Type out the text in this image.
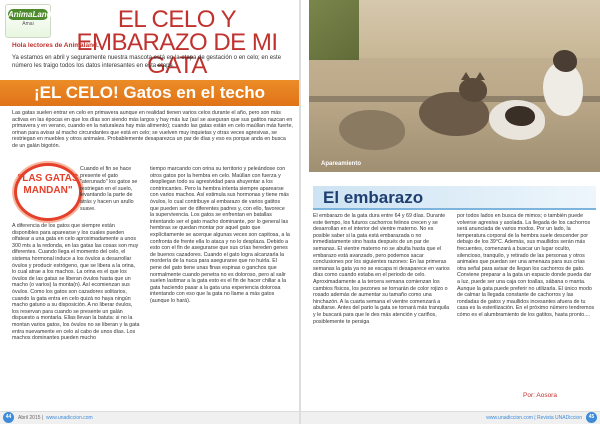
AnimaLand
Amai	EL CELO Y EMBARAZO DE MI GATA
Hola lectores de Animaland.

Ya estamos en abril y seguramente nuestra mascota está en la etapa de gestación o en celo; en este número les traigo todos los datos interesantes en esta etapa.

¡EL CELO! Gatos en el techo

Las gatas suelen entrar en celo en primavera aunque en realidad tienen varios celos durante el año, pero son más activas en las épocas en que los días son siendo más largos y hay más luz (así se aseguran que sus gatitos nazcan en primavera y en verano, cuando en la naturaleza hay más alimento); cuando las gatas están en celo maúllan más fuerte, orinan para avisar al macho circundantes que está en celo; se vuelven muy inquietas y otras veces agresivas, se restriegan en muebles y otros animales. Probablemente desaparezca un par de días y eso es porque anda en busca de un galán bigotón.

"LAS GATAS MANDAN"

Cuando el fin se hace presente el gato "aterunado" los gatos se restriegan en el suelo, levantando la parte de atrás y hacen un arullo suave.

A diferencia de los gatos que siempre están disponibles para aparearse y los cuales pueden olfatear a una gata en celo aproximadamente a unos 300 mts a la redonda, en las gatas las cosas son muy diferentes. Cuando llega el momento del celo, el sistema hormonal induce a los óvulos a desarrollar óvulos y producir estrógeno, que se libera a la orina, lo cual atrae a los machos. La orina es el que los óvulos de las gatas se liberan óvulos hasta que un macho (o varios) la monta(n). Así ecomienzan sus óvulos. Como los gatos son cazadores solitarios, cuando la gata entra en celo quizá no haya ningún macho gatuno a su disposición. A no liberar óvulos, los reservan para cuando se presente un galán dispuesto a montarla. Ellas llevan la batuta: si no la montan varios gatos, los óvulos no se liberan y la gata entra nuevamente en celo al cabo de unos días. Los machos dominantes pueden mucho

tiempo marcando con orina su territorio y peleándose con otros gatos por la hembra en celo. Maúllan con fuerza y despliegan todo su agresividad para ahuyentar a los contrincantes. Pero la hembra intenta siempre aparearse con varios machos. Así estimula sus hormonas y tiene más óvulos, lo cual contribuye al embarazo de varios gatitos que pueden ser de diferentes padres y, con ello, favorece la supervivencia. Los gatos se enfrentan en batallas intentando ser el gato macho dominante, por lo general las hembras se quedan montar por aquel gato que explícitamente se acerque algunas veces son capitosa, a la confronta de frente ella lo ataca y no lo desplaza. Debido a esto con el fin de asegurarse que sus crías hereden genes de buenos cazadores. Cuando el gato logra alcanzarla la mordería de la nuca para asegurarse que no huirla. El pene del gato tiene unas finas espinas o ganchos que normalmente cuando penetra no es doloroso, pero al salir suelen lastimar a la gata esto es el fin de hacer chillar a la gata haciendo pasar a la gata una experiencia dolorosa intentando con eso que la gata no llame a más gatos (aunque lo hará).

Abril 2015 | www.unadiccion.com
44
Apareamiento
El embarazo

El embarazo de la gata dura entre 64 y 69 días. Durante este tiempo, los futuros cachorros felinos crecen y se desarrollan en el interior del vientre materno. No es posible saber si la gata está embarazada o no inmediatamente sino hasta después de un par de semanas. El vientre materno no se abulta hasta que el embarazo está avanzado, pero podemos sacar conclusiones por los siguientes razones: En las primeras semanas la gata ya no se escapa ni desaparece en varios días como cuando estaba en el periodo de celo. Aproximadamente a la tercera semana comienzan los cambios físicos, los pezones se tornarán de color rojizo o rosado además de aumentar su tamaño como una hinchazón. A la cuarta semana el vientre comenzará a abultarse. Antes del parto la gata se tornará más tranquila y le buscará para que le des más atención y cariños, posiblemente te persiga

por todos lados en busca de mimos; o también puede volverse agresiva y asolada. La llegada de los cachorros será anunciada de varios modos. Por un lado, la temperatura corporal de la hembra suele descender por debajo de los 39°C. Además, sus maullidos serán más frecuentes, comenzará a buscar un lugar oculto, silencioso, tranquilo, y retirado de las personas y otros animales que puedan ser una amenaza para sus crías otra señal para avisar de llegan los cachorros de gato. Conviene preparar a la gata un espacio donde pueda dar a luz, puede ser una caja con toallas, sábana o manta. Aunque la gata puede preferir no utilizarla. El único modo de calmar la llegada constante de cachorros y las rondadas de gatos y maullidos incesantes afuera de tu casa es la esterilización. En el próximo número tendremos cómo es el alumbramiento de los gatitos, hasta pronto....

Por: Aosora
www.unadiccion.com | Revista UNADiccion	45
